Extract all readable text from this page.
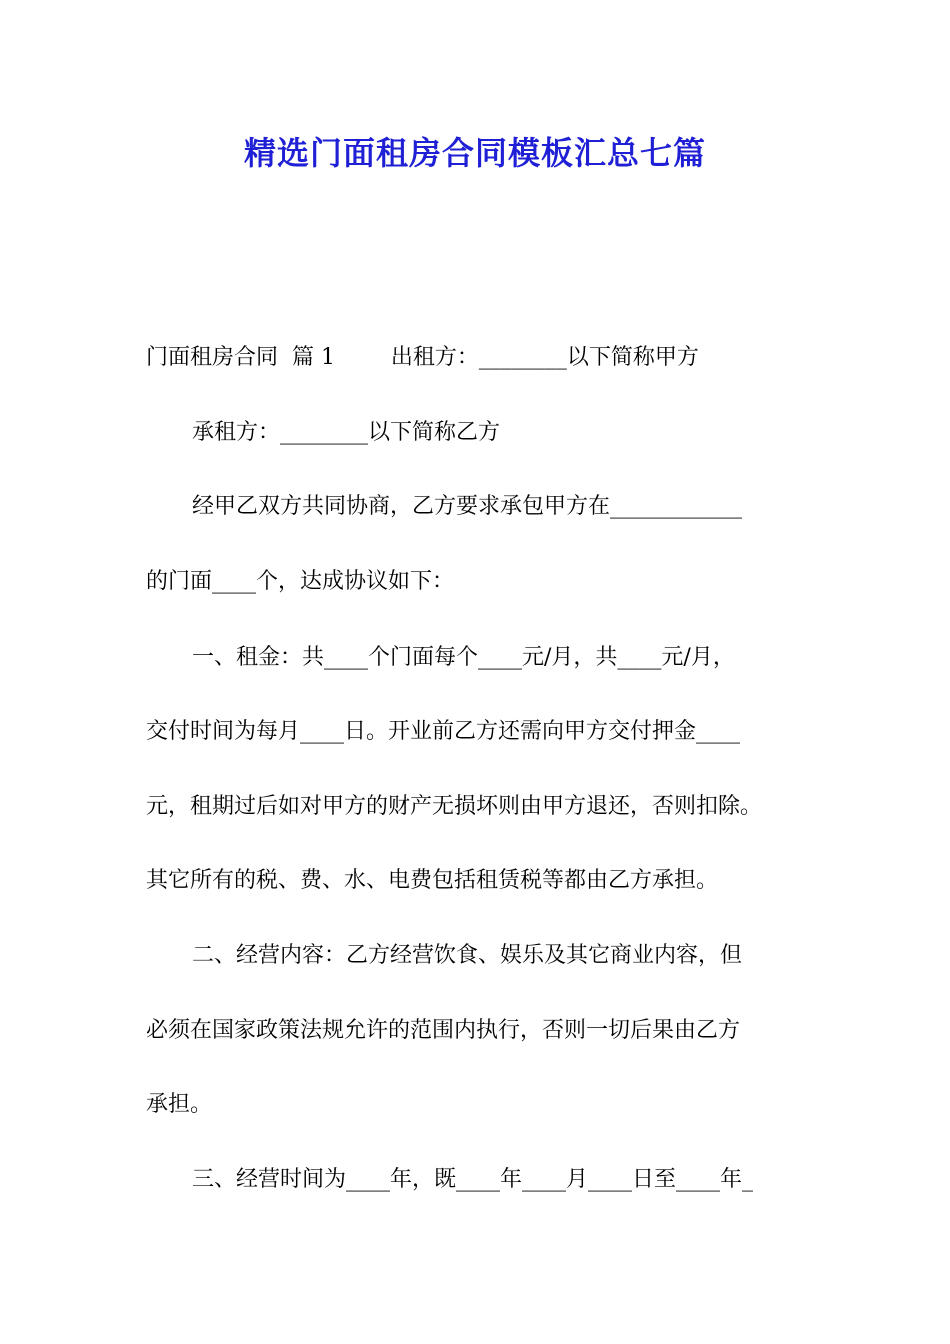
精选门面租房合同模板汇总七篇
门面租房合同  篇 1        出租方：________以下简称甲方
承租方：________以下简称乙方
经甲乙双方共同协商，乙方要求承包甲方在____________
的门面____个，达成协议如下：
一、租金：共____个门面每个____元/月，共____元/月，
交付时间为每月____日。开业前乙方还需向甲方交付押金____
元，租期过后如对甲方的财产无损坏则由甲方退还，否则扣除。
其它所有的税、费、水、电费包括租赁税等都由乙方承担。
二、经营内容：乙方经营饮食、娱乐及其它商业内容，但
必须在国家政策法规允许的范围内执行，否则一切后果由乙方
承担。
三、经营时间为____年，既____年____月____日至____年_
